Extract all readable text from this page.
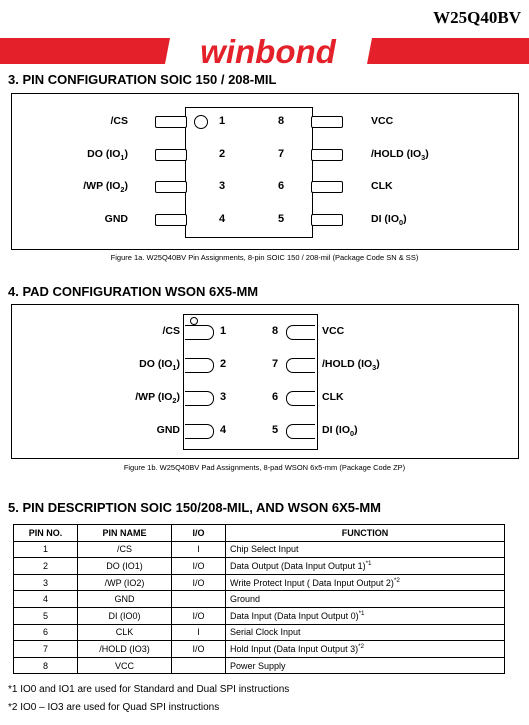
W25Q40BV
winbond
3. PIN CONFIGURATION SOIC 150 / 208-MIL
/CS	1
DO $(IO_1)$	2
/WP $(IO_2)$	3
GND	4
VCC
8
/HOLD $(IO_3)$
7
CLK
6
DI $(IO_0)$
5
Figure 1a. W25Q40BV Pin Assignments, 8-pin SOIC 150 / 208-mil (Package Code SN & SS)
4. PAD CONFIGURATION WSON 6X5-MM
/CS	1
DO $(IO_1)$	2
/WP $(IO_2)$	3
GND	4
VCC
8
/HOLD $(IO_3)$
7
CLK
6
DI $(IO_0)$
5
Figure 1b. W25Q40BV Pad Assignments, 8-pad WSON 6x5-mm (Package Code ZP)
5. PIN DESCRIPTION SOIC 150/208-MIL, AND WSON 6X5-MM
PIN NO.	PIN NAME	I/O	FUNCTION
1	/CS	I	Chip Select Input
2	DO (IO1)	I/O	Data Output (Data Input Output 1)$^{*1}$
3	/WP (IO2)	I/O	Write Protect Input ( Data Input Output 2)$^{*2}$
4	GND		Ground
5	DI (IO0)	I/O	Data Input (Data Input Output 0)$^{*1}$
6	CLK	I	Serial Clock Input
7	/HOLD (IO3)	I/O	Hold Input (Data Input Output 3)$^{*2}$
8	VCC		Power Supply
*1 IO0 and IO1 are used for Standard and Dual SPI instructions
*2 IO0 – IO3 are used for Quad SPI instructions
